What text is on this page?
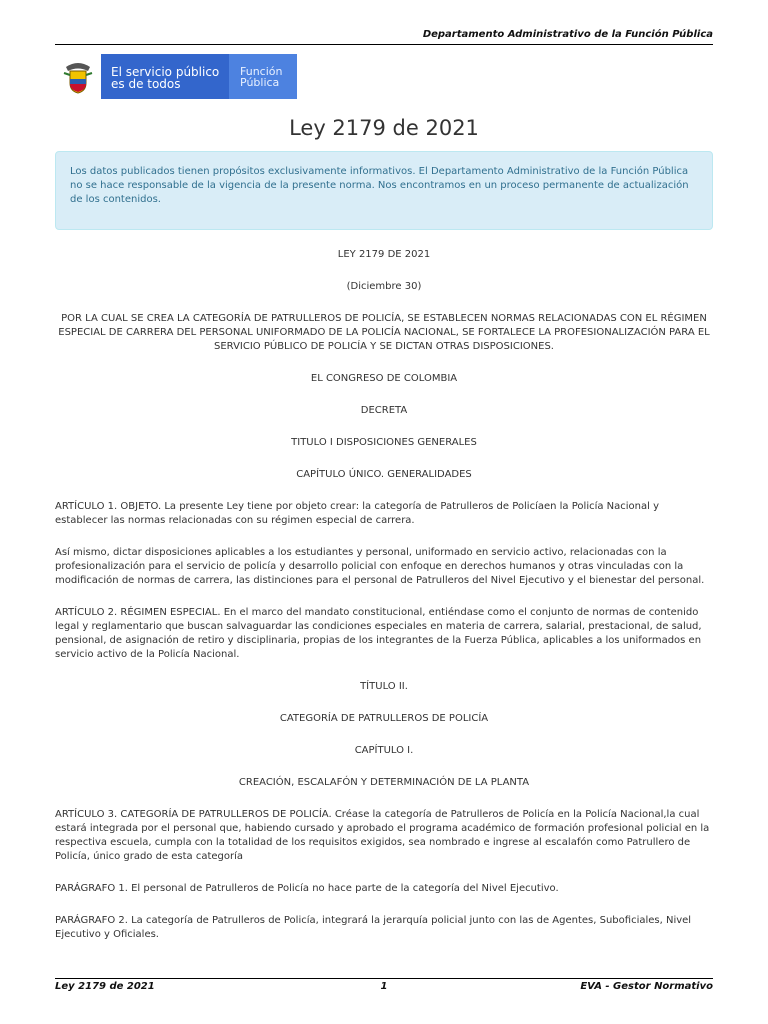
Departamento Administrativo de la Función Pública
El servicio público
es de todos
Función
Pública
Ley 2179 de 2021
Los datos publicados tienen propósitos exclusivamente informativos. El Departamento Administrativo de la Función Pública no se hace responsable de la vigencia de la presente norma. Nos encontramos en un proceso permanente de actualización de los contenidos.

LEY 2179 DE 2021

(Diciembre 30)

POR LA CUAL SE CREA LA CATEGORÍA DE PATRULLEROS DE POLICÍA, SE ESTABLECEN NORMAS RELACIONADAS CON EL RÉGIMEN ESPECIAL DE CARRERA DEL PERSONAL UNIFORMADO DE LA POLICÍA NACIONAL, SE FORTALECE LA PROFESIONALIZACIÓN PARA EL SERVICIO PÚBLICO DE POLICÍA Y SE DICTAN OTRAS DISPOSICIONES.

EL CONGRESO DE COLOMBIA

DECRETA

TITULO I DISPOSICIONES GENERALES

CAPÍTULO ÚNICO. GENERALIDADES

ARTÍCULO 1. OBJETO. La presente Ley tiene por objeto crear: la categoría de Patrulleros de Policíaen la Policía Nacional y establecer las normas relacionadas con su régimen especial de carrera.

Así mismo, dictar disposiciones aplicables a los estudiantes y personal, uniformado en servicio activo, relacionadas con la profesionalización para el servicio de policía y desarrollo policial con enfoque en derechos humanos y otras vinculadas con la modificación de normas de carrera, las distinciones para el personal de Patrulleros del Nivel Ejecutivo y el bienestar del personal.

ARTÍCULO 2. RÉGIMEN ESPECIAL. En el marco del mandato constitucional, entiéndase como el conjunto de normas de contenido legal y reglamentario que buscan salvaguardar las condiciones especiales en materia de carrera, salarial, prestacional, de salud, pensional, de asignación de retiro y disciplinaria, propias de los integrantes de la Fuerza Pública, aplicables a los uniformados en servicio activo de la Policía Nacional.

TÍTULO II.

CATEGORÍA DE PATRULLEROS DE POLICÍA

CAPÍTULO I.

CREACIÓN, ESCALAFÓN Y DETERMINACIÓN DE LA PLANTA

ARTÍCULO 3. CATEGORÍA DE PATRULLEROS DE POLICÍA. Créase la categoría de Patrulleros de Policía en la Policía Nacional,la cual estará integrada por el personal que, habiendo cursado y aprobado el programa académico de formación profesional policial en la respectiva escuela, cumpla con la totalidad de los requisitos exigidos, sea nombrado e ingrese al escalafón como Patrullero de Policía, único grado de esta categoría

PARÁGRAFO 1. El personal de Patrulleros de Policía no hace parte de la categoría del Nivel Ejecutivo.

PARÁGRAFO 2. La categoría de Patrulleros de Policía, integrará la jerarquía policial junto con las de Agentes, Suboficiales, Nivel Ejecutivo y Oficiales.

Ley 2179 de 2021	1	EVA - Gestor Normativo
